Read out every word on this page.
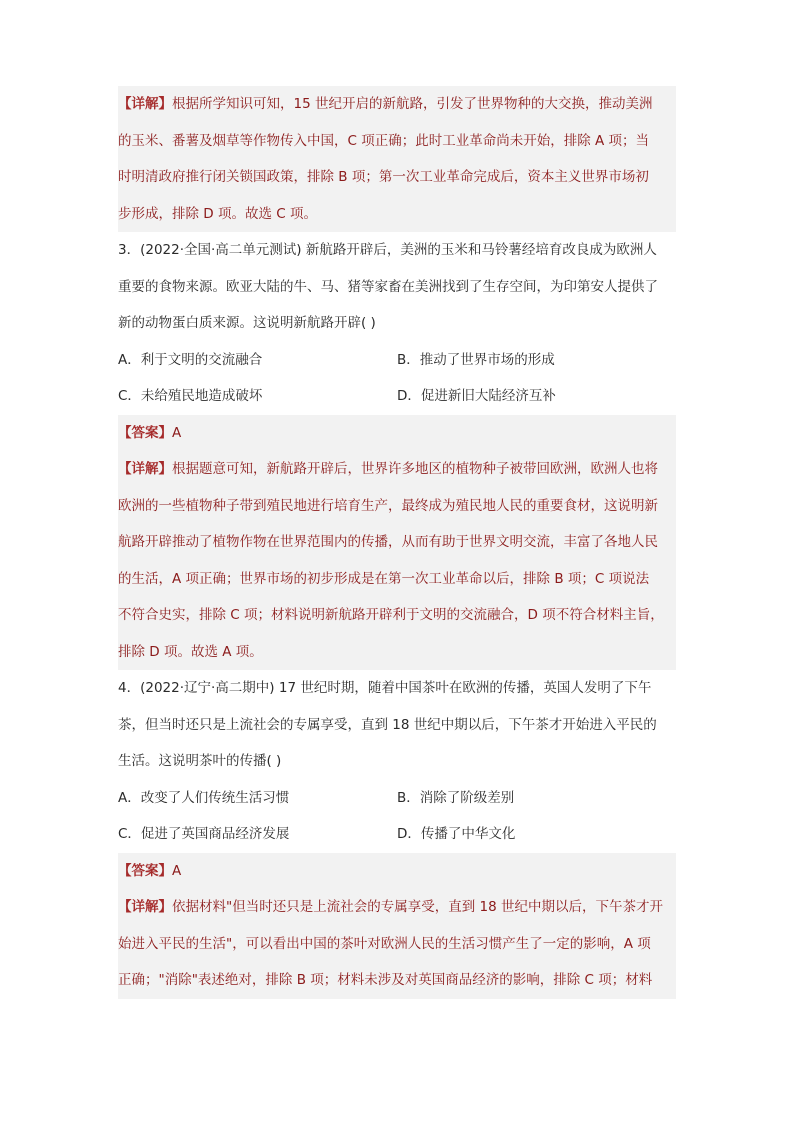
【详解】根据所学知识可知，15 世纪开启的新航路，引发了世界物种的大交换，推动美洲
的玉米、番薯及烟草等作物传入中国，C 项正确；此时工业革命尚未开始，排除 A 项；当
时明清政府推行闭关锁国政策，排除 B 项；第一次工业革命完成后，资本主义世界市场初
步形成，排除 D 项。故选 C 项。
3．(2022·全国·高二单元测试) 新航路开辟后，美洲的玉米和马铃薯经培育改良成为欧洲人
重要的食物来源。欧亚大陆的牛、马、猪等家畜在美洲找到了生存空间，为印第安人提供了
新的动物蛋白质来源。这说明新航路开辟( )
A．利于文明的交流融合	B．推动了世界市场的形成
C．未给殖民地造成破坏	D．促进新旧大陆经济互补
【答案】A
【详解】根据题意可知，新航路开辟后，世界许多地区的植物种子被带回欧洲，欧洲人也将
欧洲的一些植物种子带到殖民地进行培育生产，最终成为殖民地人民的重要食材，这说明新
航路开辟推动了植物作物在世界范围内的传播，从而有助于世界文明交流，丰富了各地人民
的生活，A 项正确；世界市场的初步形成是在第一次工业革命以后，排除 B 项；C 项说法
不符合史实，排除 C 项；材料说明新航路开辟利于文明的交流融合，D 项不符合材料主旨，
排除 D 项。故选 A 项。
4．(2022·辽宁·高二期中) 17 世纪时期，随着中国茶叶在欧洲的传播，英国人发明了下午
茶，但当时还只是上流社会的专属享受，直到 18 世纪中期以后，下午茶才开始进入平民的
生活。这说明茶叶的传播( )
A．改变了人们传统生活习惯	B．消除了阶级差别
C．促进了英国商品经济发展	D．传播了中华文化
【答案】A
【详解】依据材料"但当时还只是上流社会的专属享受，直到 18 世纪中期以后，下午茶才开
始进入平民的生活"，可以看出中国的茶叶对欧洲人民的生活习惯产生了一定的影响，A 项
正确；"消除"表述绝对，排除 B 项；材料未涉及对英国商品经济的影响，排除 C 项；材料
